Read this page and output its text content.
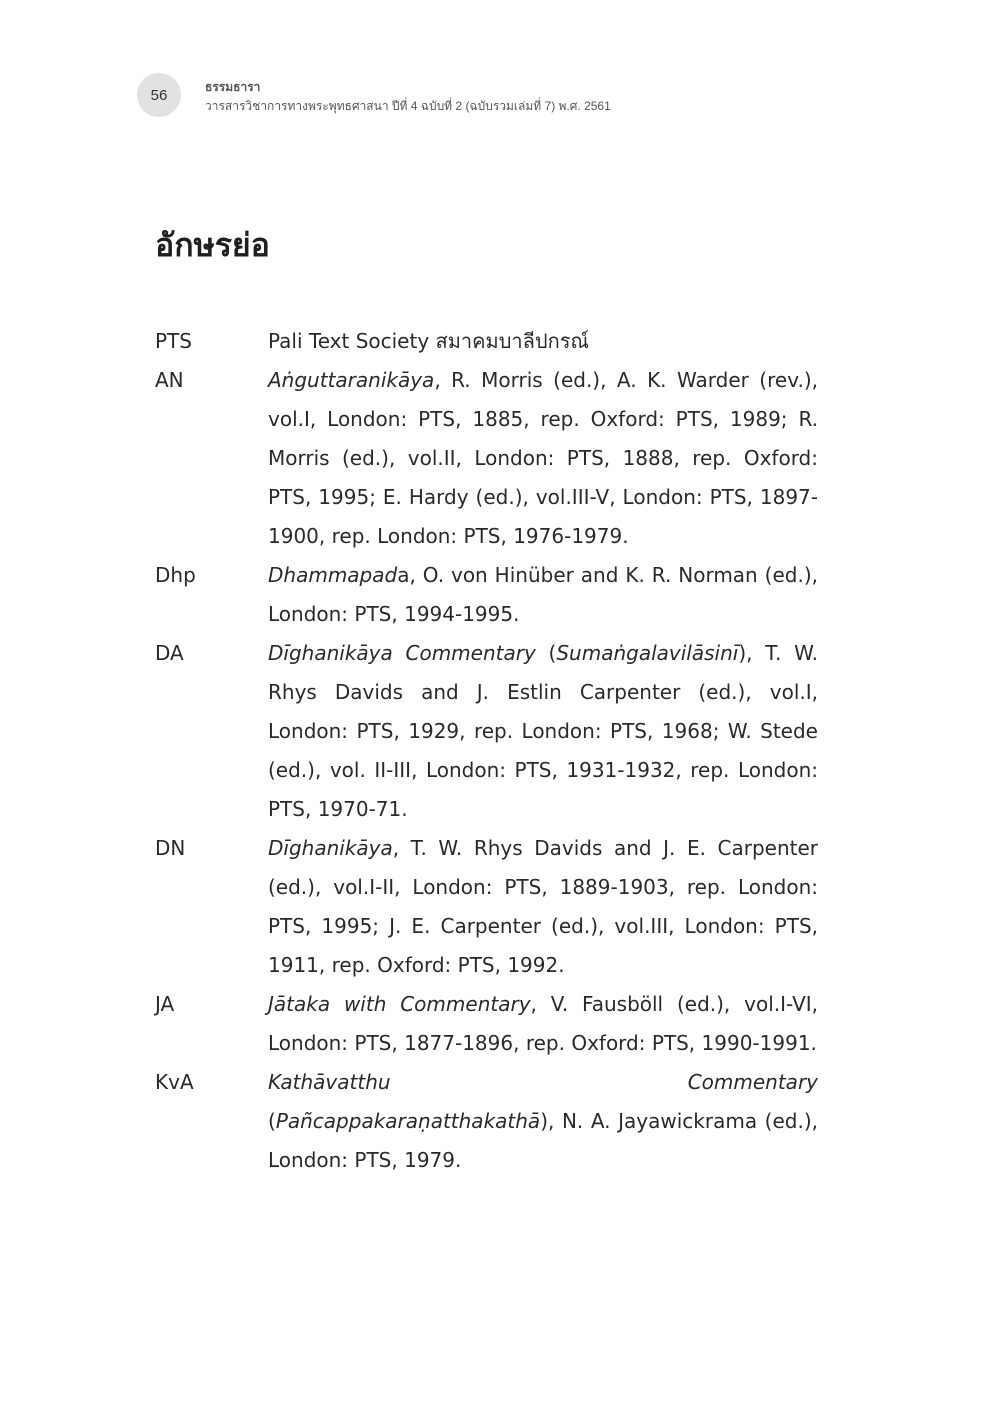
56	ธรรมธารา
วารสารวิชาการทางพระพุทธศาสนา ปีที่ 4 ฉบับที่ 2 (ฉบับรวมเล่มที่ 7) พ.ศ. 2561
อักษรย่อ
PTS	Pali Text Society สมาคมบาลีปกรณ์
AN	Aṅguttaranikāya, R. Morris (ed.), A. K. Warder (rev.), vol.I, London: PTS, 1885, rep. Oxford: PTS, 1989; R. Morris (ed.), vol.II, London: PTS, 1888, rep. Oxford: PTS, 1995; E. Hardy (ed.), vol.III-V, London: PTS, 1897-1900, rep. London: PTS, 1976-1979.
Dhp	Dhammapada, O. von Hinüber and K. R. Norman (ed.), London: PTS, 1994-1995.
DA	Dīghanikāya Commentary (Sumaṅgalavilāsinī), T. W. Rhys Davids and J. Estlin Carpenter (ed.), vol.I, London: PTS, 1929, rep. London: PTS, 1968; W. Stede (ed.), vol. II-III, London: PTS, 1931-1932, rep. London: PTS, 1970-71.
DN	Dīghanikāya, T. W. Rhys Davids and J. E. Carpenter (ed.), vol.I-II, London: PTS, 1889-1903, rep. London: PTS, 1995; J. E. Carpenter (ed.), vol.III, London: PTS, 1911, rep. Oxford: PTS, 1992.
JA	Jātaka with Commentary, V. Fausböll (ed.), vol.I-VI, London: PTS, 1877-1896, rep. Oxford: PTS, 1990-1991.
KvA	Kathāvatthu Commentary (Pañcappakaraṇatthakathā), N. A. Jayawickrama (ed.), London: PTS, 1979.
